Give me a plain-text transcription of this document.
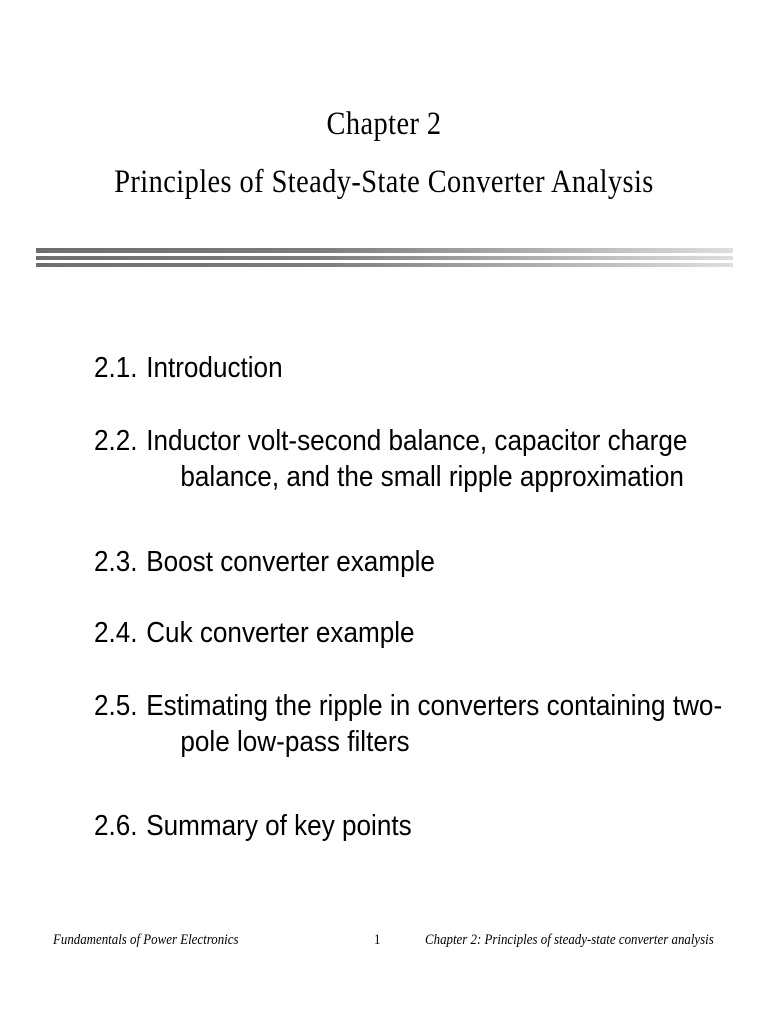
Chapter 2
Principles of Steady-State Converter Analysis
2.1. Introduction
2.2. Inductor volt-second balance, capacitor charge
balance, and the small ripple approximation
2.3. Boost converter example
2.4. Cuk converter example
2.5. Estimating the ripple in converters containing two-
pole low-pass filters
2.6. Summary of key points
Fundamentals of Power Electronics	1	Chapter 2: Principles of steady-state converter analysis
